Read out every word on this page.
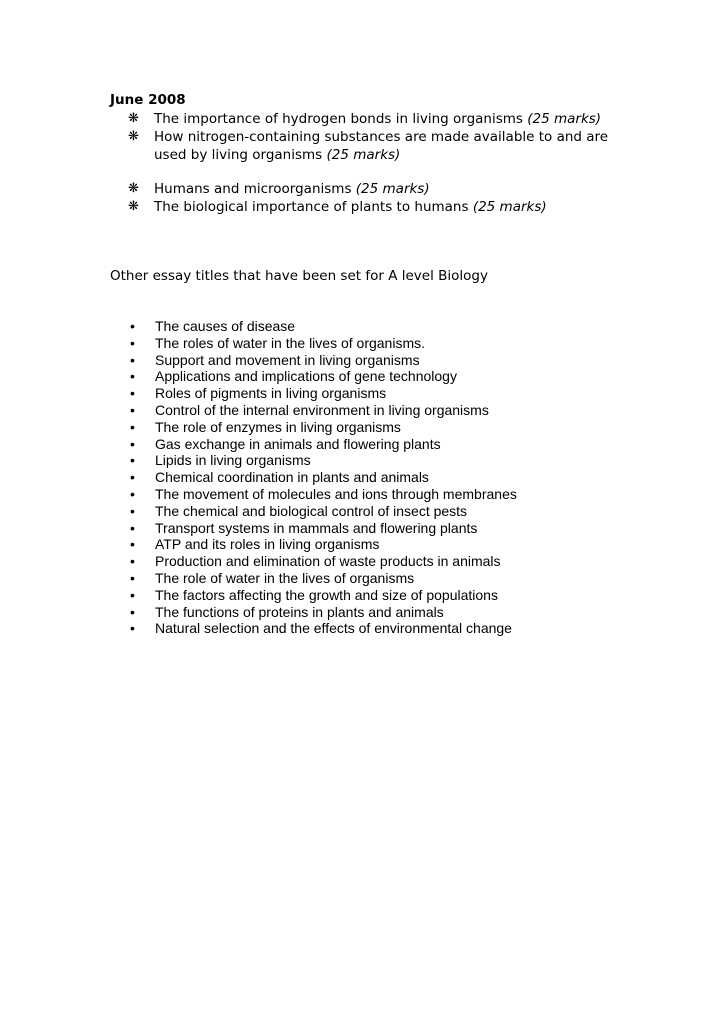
June 2008
❋ The importance of hydrogen bonds in living organisms (25 marks)
❋ How nitrogen-containing substances are made available to and are used by living organisms (25 marks)
❋ Humans and microorganisms (25 marks)
❋ The biological importance of plants to humans (25 marks)
Other essay titles that have been set for A level Biology
• The causes of disease
• The roles of water in the lives of organisms.
• Support and movement in living organisms
• Applications and implications of gene technology
• Roles of pigments in living organisms
• Control of the internal environment in living organisms
• The role of enzymes in living organisms
• Gas exchange in animals and flowering plants
• Lipids in living organisms
• Chemical coordination in plants and animals
• The movement of molecules and ions through membranes
• The chemical and biological control of insect pests
• Transport systems in mammals and flowering plants
• ATP and its roles in living organisms
• Production and elimination of waste products in animals
• The role of water in the lives of organisms
• The factors affecting the growth and size of populations
• The functions of proteins in plants and animals
• Natural selection and the effects of environmental change
